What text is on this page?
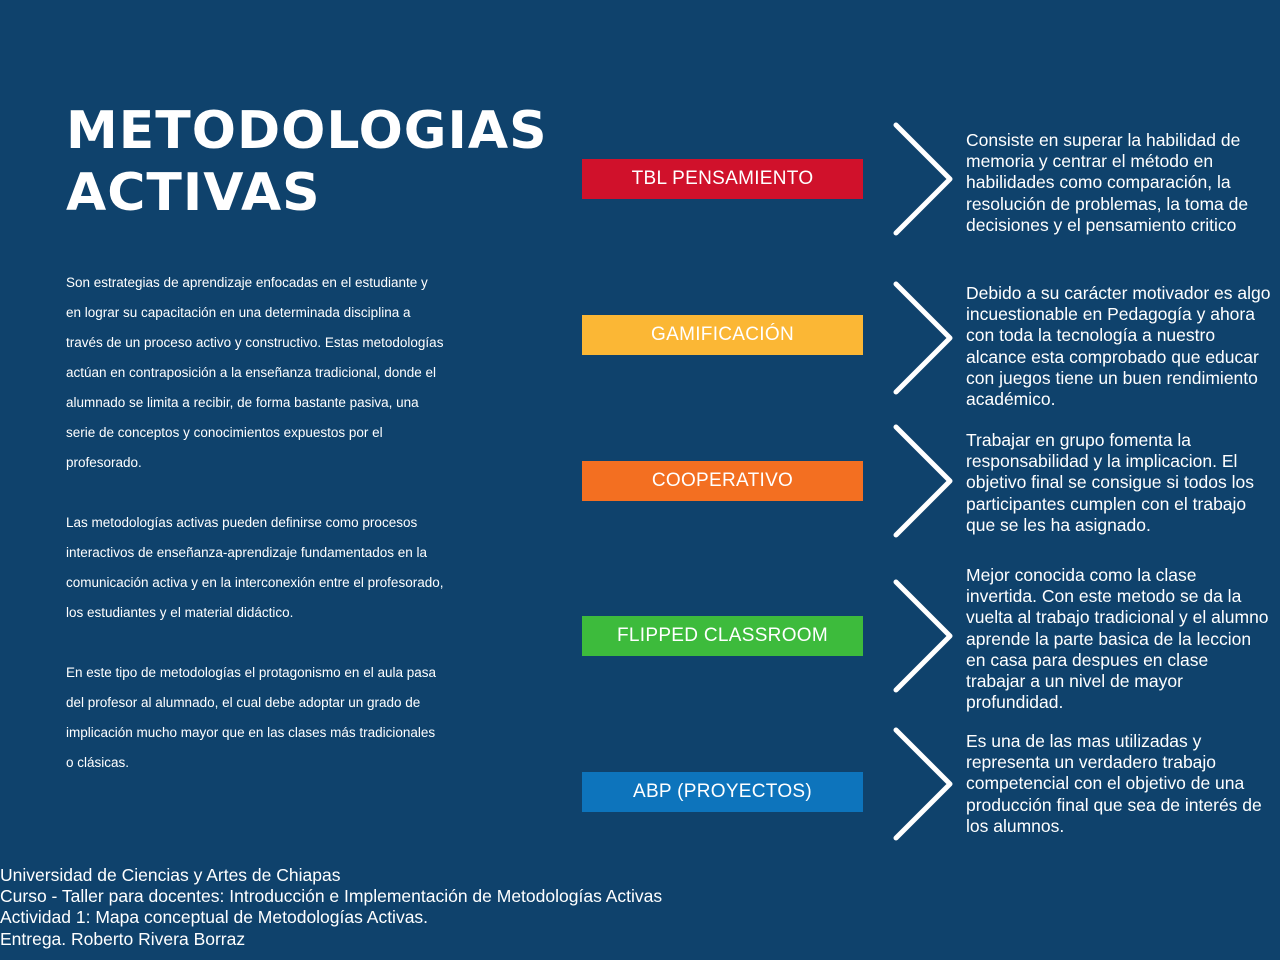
METODOLOGIAS
ACTIVAS

Son estrategias de aprendizaje enfocadas en el estudiante y en lograr su capacitación en una determinada disciplina a través de un proceso activo y constructivo. Estas metodologías actúan en contraposición a la enseñanza tradicional, donde el alumnado se limita a recibir, de forma bastante pasiva, una serie de conceptos y conocimientos expuestos por el profesorado.

Las metodologías activas pueden definirse como procesos interactivos de enseñanza-aprendizaje fundamentados en la comunicación activa y en la interconexión entre el profesorado, los estudiantes y el material didáctico.

En este tipo de metodologías el protagonismo en el aula pasa del profesor al alumnado, el cual debe adoptar un grado de implicación mucho mayor que en las clases más tradicionales o clásicas.

TBL PENSAMIENTO
Consiste en superar la habilidad de memoria y centrar el método en habilidades como comparación, la resolución de problemas, la toma de decisiones y el pensamiento critico
GAMIFICACIÓN
Debido a su carácter motivador es algo incuestionable en Pedagogía y ahora con toda la tecnología a nuestro alcance esta comprobado que educar con juegos tiene un buen rendimiento académico.
COOPERATIVO
Trabajar en grupo fomenta la responsabilidad y la implicacion. El objetivo final se consigue si todos los participantes cumplen con el trabajo que se les ha asignado.
FLIPPED CLASSROOM
Mejor conocida como la clase invertida. Con este metodo se da la vuelta al trabajo tradicional y el alumno aprende la parte basica de la leccion en casa para despues en clase trabajar a un nivel de mayor profundidad.
ABP (PROYECTOS)
Es una de las mas utilizadas y representa un verdadero trabajo competencial con el objetivo de una producción final que sea de interés de los alumnos.
Universidad de Ciencias y Artes de Chiapas
Curso - Taller para docentes: Introducción e Implementación de Metodologías Activas
Actividad 1: Mapa conceptual de Metodologías Activas.
Entrega. Roberto Rivera Borraz
